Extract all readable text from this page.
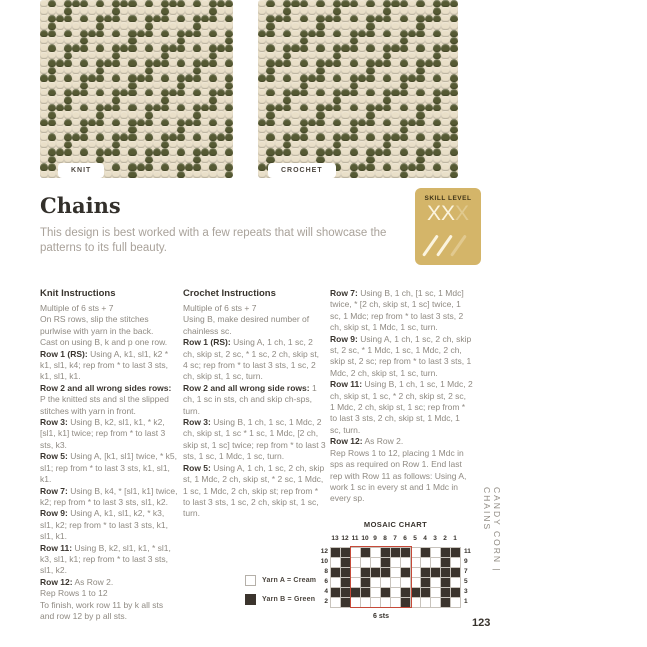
KNIT	CROCHET
Chains

This design is best worked with a few repeats that will showcase the patterns to its full beauty.

SKILL LEVEL
XXX
Knit Instructions

Multiple of 6 sts + 7

On RS rows, slip the stitches purlwise with yarn in the back.

Cast on using B, k and p one row.

Row 1 (RS): Using A, k1, sl1, k2 * k1, sl1, k4; rep from * to last 3 sts, k1, sl1, k1.

Row 2 and all wrong sides rows: P the knitted sts and sl the slipped stitches with yarn in front.

Row 3: Using B, k2, sl1, k1, * k2, [sl1, k1] twice; rep from * to last 3 sts, k3.

Row 5: Using A, [k1, sl1] twice, * k5, sl1; rep from * to last 3 sts, k1, sl1, k1.

Row 7: Using B, k4, * [sl1, k1] twice, k2; rep from * to last 3 sts, sl1, k2.

Row 9: Using A, k1, sl1, k2, * k3, sl1, k2; rep from * to last 3 sts, k1, sl1, k1.

Row 11: Using B, k2, sl1, k1, * sl1, k3, sl1, k1; rep from * to last 3 sts, sl1, k2.

Row 12: As Row 2.

Rep Rows 1 to 12

To finish, work row 11 by k all sts and row 12 by p all sts.

Crochet Instructions

Multiple of 6 sts + 7

Using B, make desired number of chainless sc.

Row 1 (RS): Using A, 1 ch, 1 sc, 2 ch, skip st, 2 sc, * 1 sc, 2 ch, skip st, 4 sc; rep from * to last 3 sts, 1 sc, 2 ch, skip st, 1 sc, turn.

Row 2 and all wrong side rows: 1 ch, 1 sc in sts, ch and skip ch-sps, turn.

Row 3: Using B, 1 ch, 1 sc, 1 Mdc, 2 ch, skip st, 1 sc * 1 sc, 1 Mdc, [2 ch, skip st, 1 sc] twice; rep from * to last 3 sts, 1 sc, 1 Mdc, 1 sc, turn.

Row 5: Using A, 1 ch, 1 sc, 2 ch, skip st, 1 Mdc, 2 ch, skip st, * 2 sc, 1 Mdc, 1 sc, 1 Mdc, 2 ch, skip st; rep from * to last 3 sts, 1 sc, 2 ch, skip st, 1 sc, turn.

Row 7: Using B, 1 ch, [1 sc, 1 Mdc] twice, * [2 ch, skip st, 1 sc] twice, 1 sc, 1 Mdc; rep from * to last 3 sts, 2 ch, skip st, 1 Mdc, 1 sc, turn.

Row 9: Using A, 1 ch, 1 sc, 2 ch, skip st, 2 sc, * 1 Mdc, 1 sc, 1 Mdc, 2 ch, skip st, 2 sc; rep from * to last 3 sts, 1 Mdc, 2 ch, skip st, 1 sc, turn.

Row 11: Using B, 1 ch, 1 sc, 1 Mdc, 2 ch, skip st, 1 sc, * 2 ch, skip st, 2 sc, 1 Mdc, 2 ch, skip st, 1 sc; rep from * to last 3 sts, 2 ch, skip st, 1 Mdc, 1 sc, turn.

Row 12: As Row 2.

Rep Rows 1 to 12, placing 1 Mdc in sps as required on Row 1. End last rep with Row 11 as follows: Using A, work 1 sc in every st and 1 Mdc in every sp.

MOSAIC CHART
13 12 11 10 9 8 7 6 5 4 3 2 1
12
10
8
6
4
2
11
9
7
5
3
1
6 sts
Yarn A = Cream
Yarn B = Green
CANDY CORN | CHAINS
123
